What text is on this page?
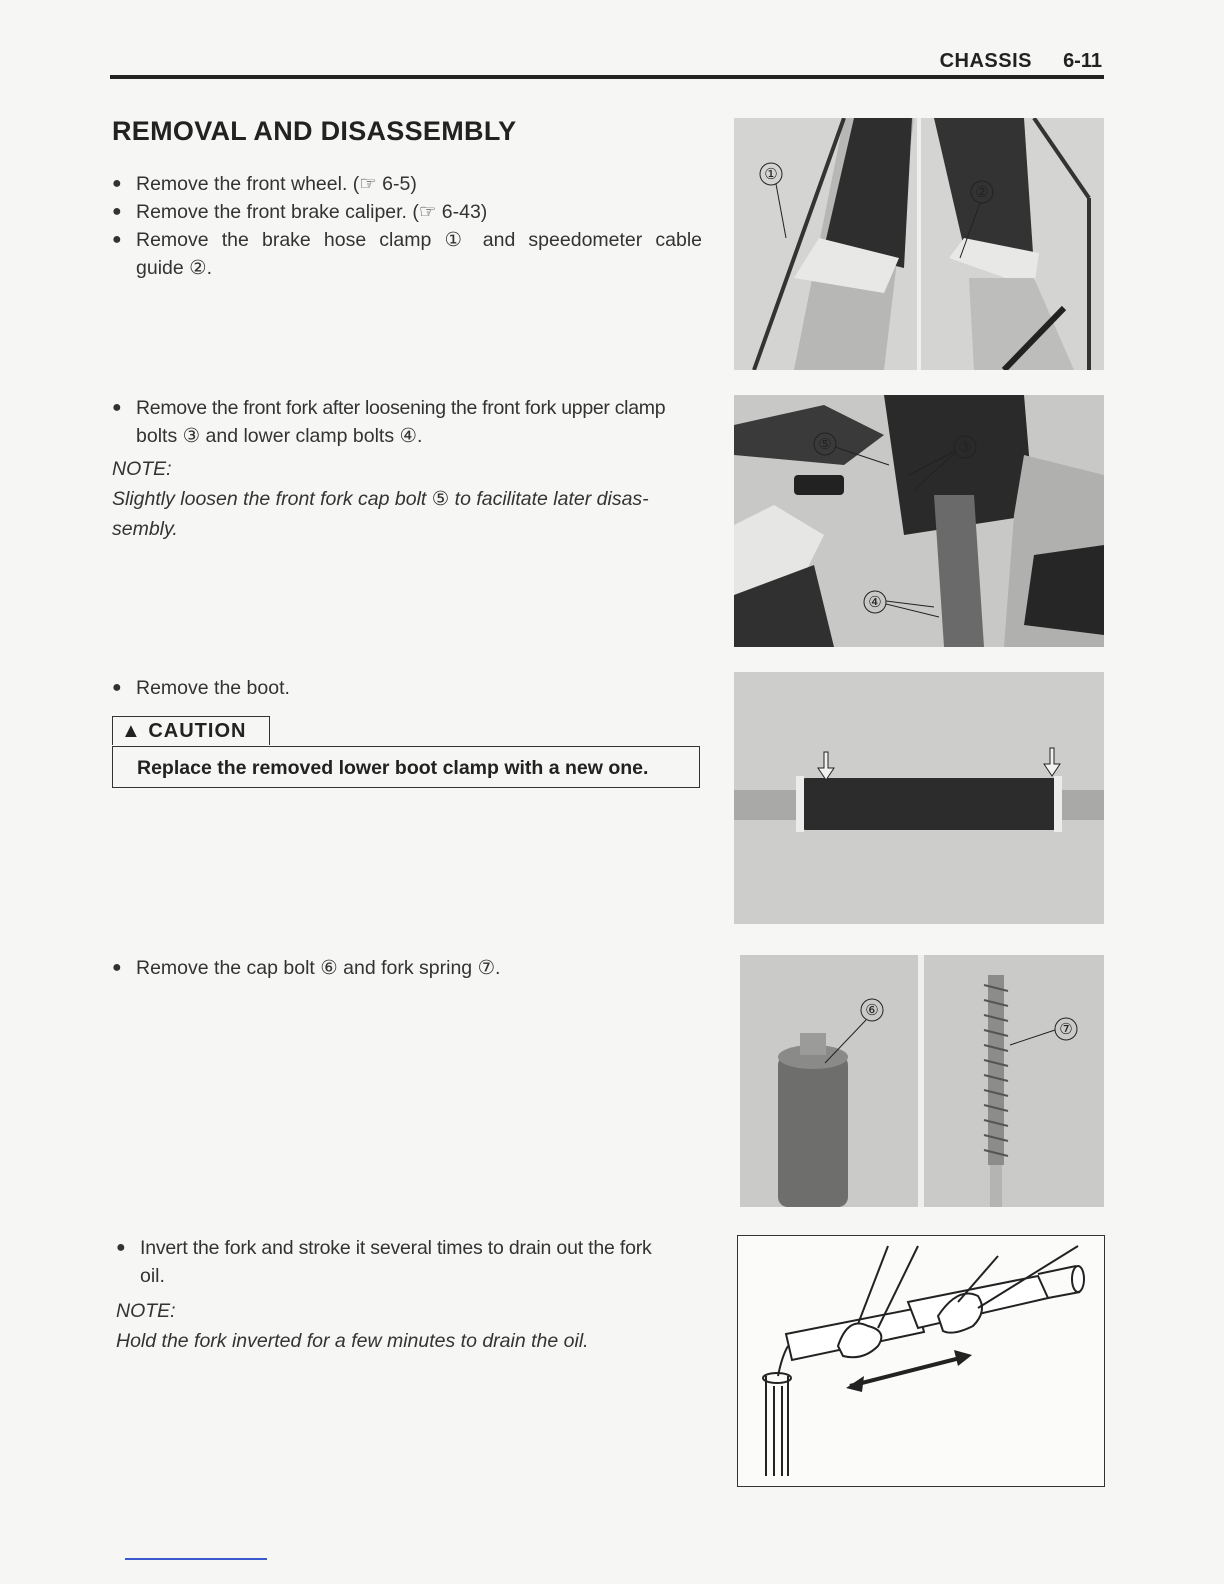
CHASSIS 6-11
REMOVAL AND DISASSEMBLY
● Remove the front wheel. (☞ 6-5)
● Remove the front brake caliper. (☞ 6-43)
● Remove the brake hose clamp ① and speedometer cable
guide ②.
● Remove the front fork after loosening the front fork upper clamp
bolts ③ and lower clamp bolts ④.
NOTE:
Slightly loosen the front fork cap bolt ⑤ to facilitate later disas-
sembly.
● Remove the boot.
▲ CAUTION
Replace the removed lower boot clamp with a new one.
● Remove the cap bolt ⑥ and fork spring ⑦.
● Invert the fork and stroke it several times to drain out the fork
oil.
NOTE:
Hold the fork inverted for a few minutes to drain the oil.
①
②
⑤	③
④
⑥
⑦
